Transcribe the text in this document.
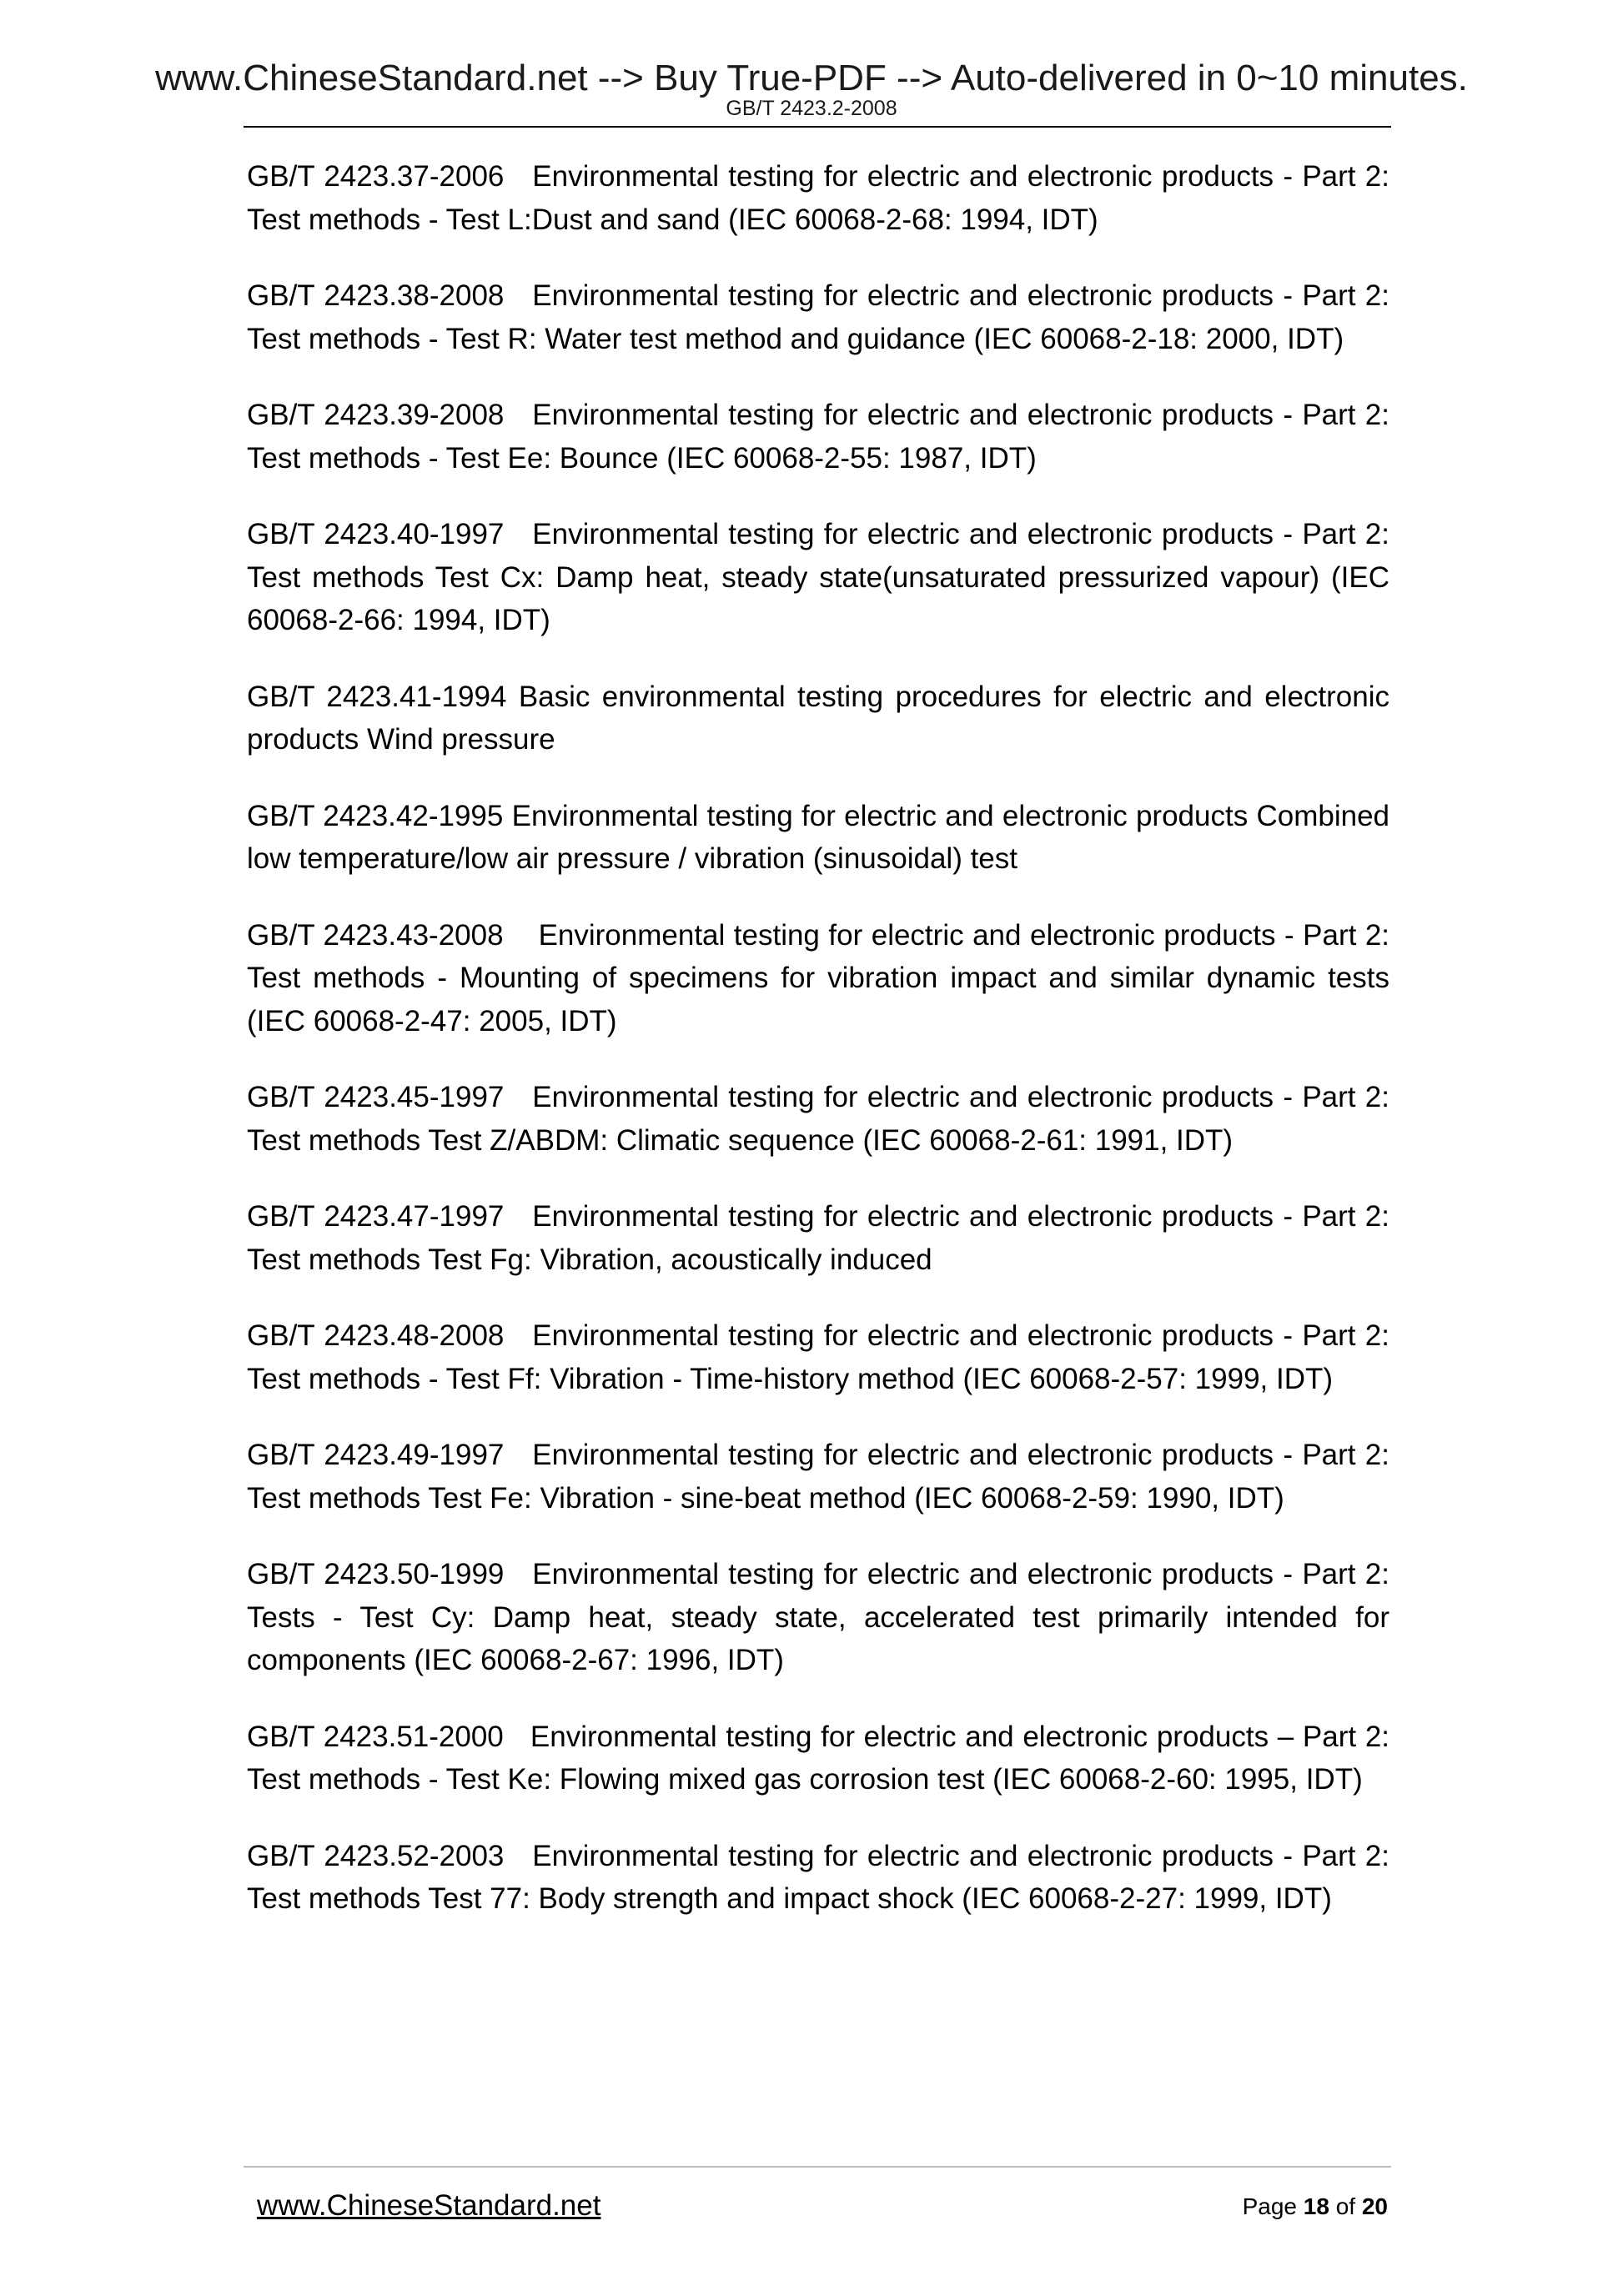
www.ChineseStandard.net --> Buy True-PDF --> Auto-delivered in 0~10 minutes.
GB/T 2423.2-2008

GB/T 2423.37-2006 Environmental testing for electric and electronic products - Part 2: Test methods - Test L:Dust and sand (IEC 60068-2-68: 1994, IDT)

GB/T 2423.38-2008 Environmental testing for electric and electronic products - Part 2: Test methods - Test R: Water test method and guidance (IEC 60068-2-18: 2000, IDT)

GB/T 2423.39-2008 Environmental testing for electric and electronic products - Part 2: Test methods - Test Ee: Bounce (IEC 60068-2-55: 1987, IDT)

GB/T 2423.40-1997 Environmental testing for electric and electronic products - Part 2: Test methods Test Cx: Damp heat, steady state(unsaturated pressurized vapour) (IEC 60068-2-66: 1994, IDT)

GB/T 2423.41-1994 Basic environmental testing procedures for electric and electronic products Wind pressure

GB/T 2423.42-1995 Environmental testing for electric and electronic products Combined low temperature/low air pressure / vibration (sinusoidal) test

GB/T 2423.43-2008 Environmental testing for electric and electronic products - Part 2: Test methods - Mounting of specimens for vibration impact and similar dynamic tests (IEC 60068-2-47: 2005, IDT)

GB/T 2423.45-1997 Environmental testing for electric and electronic products - Part 2: Test methods Test Z/ABDM: Climatic sequence (IEC 60068-2-61: 1991, IDT)

GB/T 2423.47-1997 Environmental testing for electric and electronic products - Part 2: Test methods Test Fg: Vibration, acoustically induced

GB/T 2423.48-2008 Environmental testing for electric and electronic products - Part 2: Test methods - Test Ff: Vibration - Time-history method (IEC 60068-2-57: 1999, IDT)

GB/T 2423.49-1997 Environmental testing for electric and electronic products - Part 2: Test methods Test Fe: Vibration - sine-beat method (IEC 60068-2-59: 1990, IDT)

GB/T 2423.50-1999 Environmental testing for electric and electronic products - Part 2: Tests - Test Cy: Damp heat, steady state, accelerated test primarily intended for components (IEC 60068-2-67: 1996, IDT)

GB/T 2423.51-2000 Environmental testing for electric and electronic products – Part 2: Test methods - Test Ke: Flowing mixed gas corrosion test (IEC 60068-2-60: 1995, IDT)

GB/T 2423.52-2003 Environmental testing for electric and electronic products - Part 2: Test methods Test 77: Body strength and impact shock (IEC 60068-2-27: 1999, IDT)

www.ChineseStandard.net	Page 18 of 20
